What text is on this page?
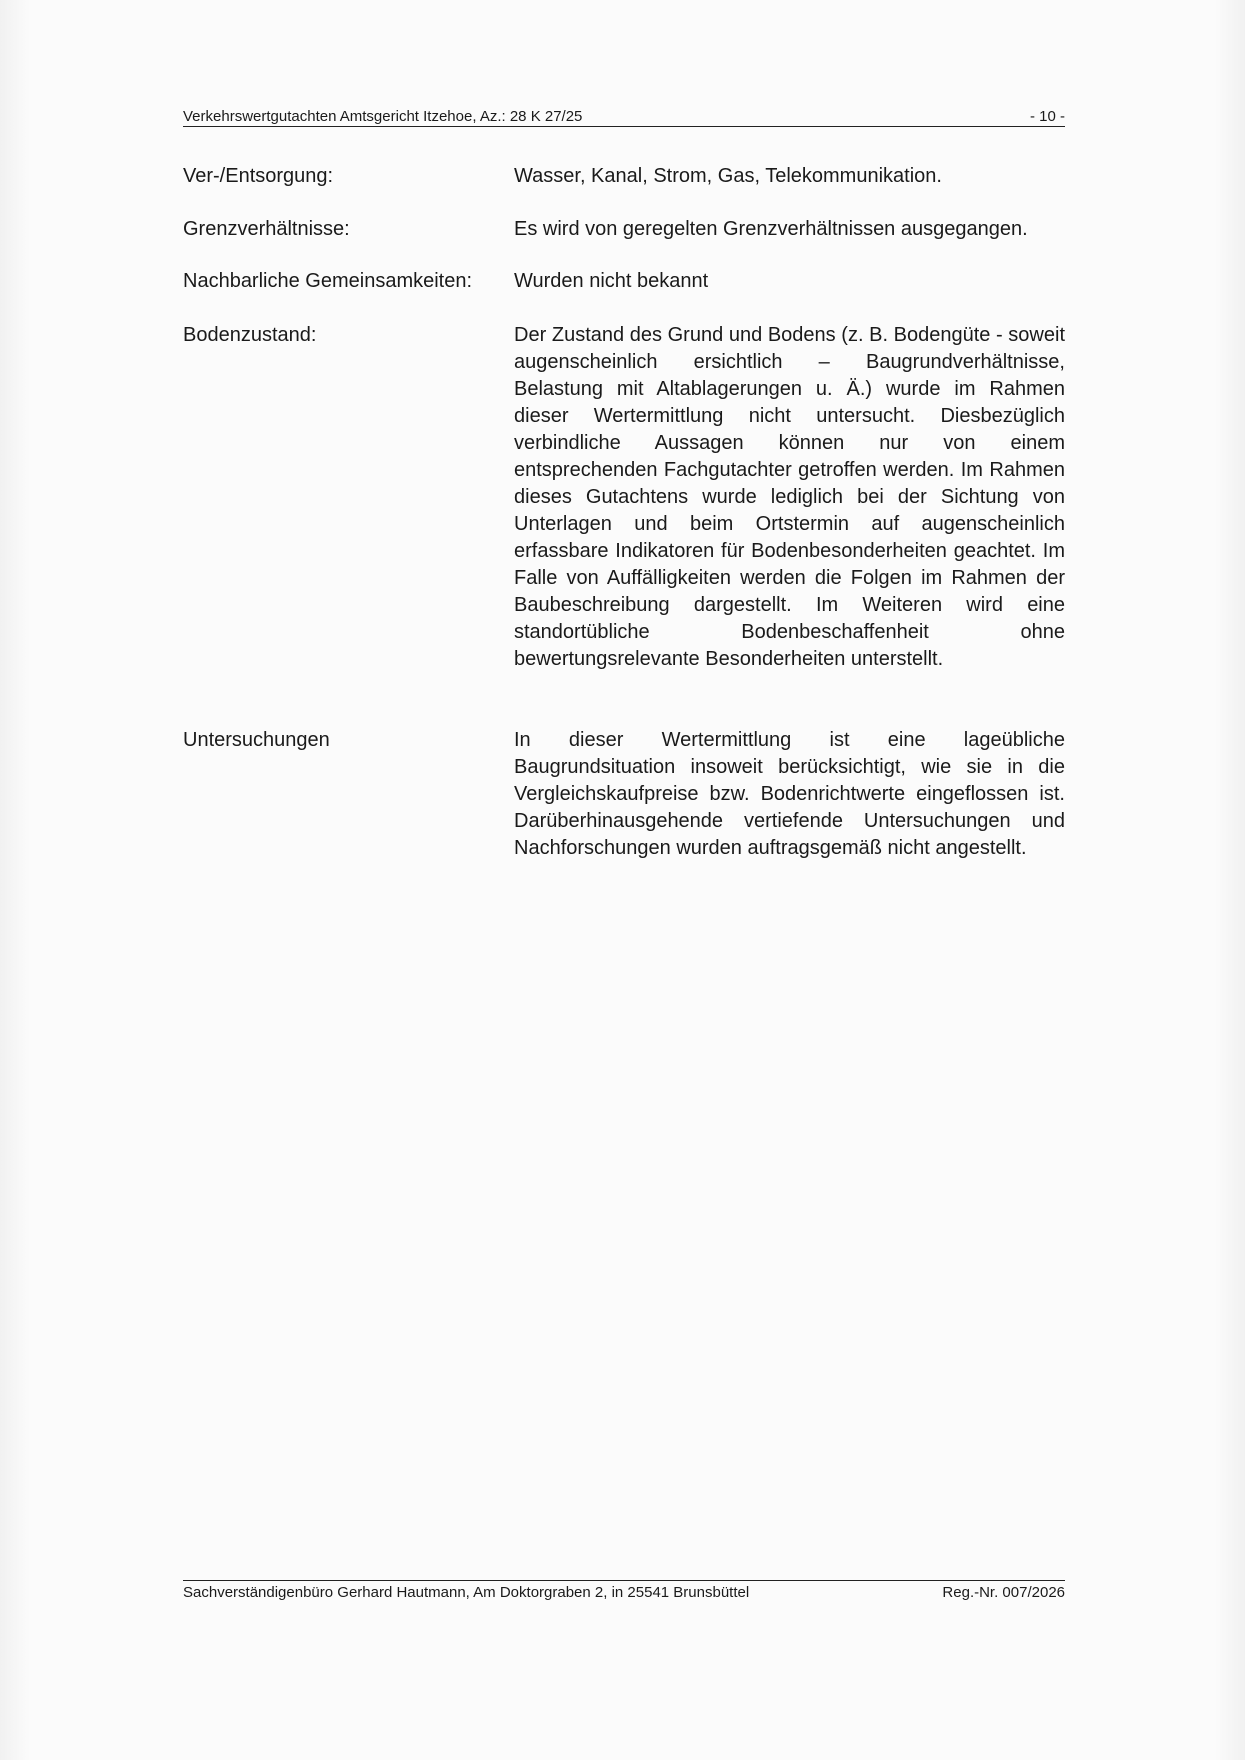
Verkehrswertgutachten Amtsgericht Itzehoe, Az.: 28 K 27/25	- 10 -
Ver-/Entsorgung:	Wasser, Kanal, Strom, Gas, Telekommunikation.
Grenzverhältnisse:	Es wird von geregelten Grenzverhältnissen ausgegangen.
Nachbarliche Gemeinsamkeiten:	Wurden nicht bekannt
Bodenzustand:	Der Zustand des Grund und Bodens (z. B. Bodengüte - soweit augenscheinlich ersichtlich – Baugrundverhältnisse, Belastung mit Altablagerungen u. Ä.) wurde im Rahmen dieser Wertermittlung nicht untersucht. Diesbezüglich verbindliche Aussagen können nur von einem entsprechenden Fachgutachter getroffen werden. Im Rahmen dieses Gutachtens wurde lediglich bei der Sichtung von Unterlagen und beim Ortstermin auf augenscheinlich erfassbare Indikatoren für Bodenbesonderheiten geachtet. Im Falle von Auffälligkeiten werden die Folgen im Rahmen der Baubeschreibung dargestellt. Im Weiteren wird eine standortübliche Bodenbeschaffenheit ohne bewertungsrelevante Besonderheiten unterstellt.
Untersuchungen	In dieser Wertermittlung ist eine lageübliche Baugrundsituation insoweit berücksichtigt, wie sie in die Vergleichskaufpreise bzw. Bodenrichtwerte eingeflossen ist. Darüberhinausgehende vertiefende Untersuchungen und Nachforschungen wurden auftragsgemäß nicht angestellt.
Sachverständigenbüro Gerhard Hautmann, Am Doktorgraben 2, in 25541 Brunsbüttel	Reg.-Nr. 007/2026
